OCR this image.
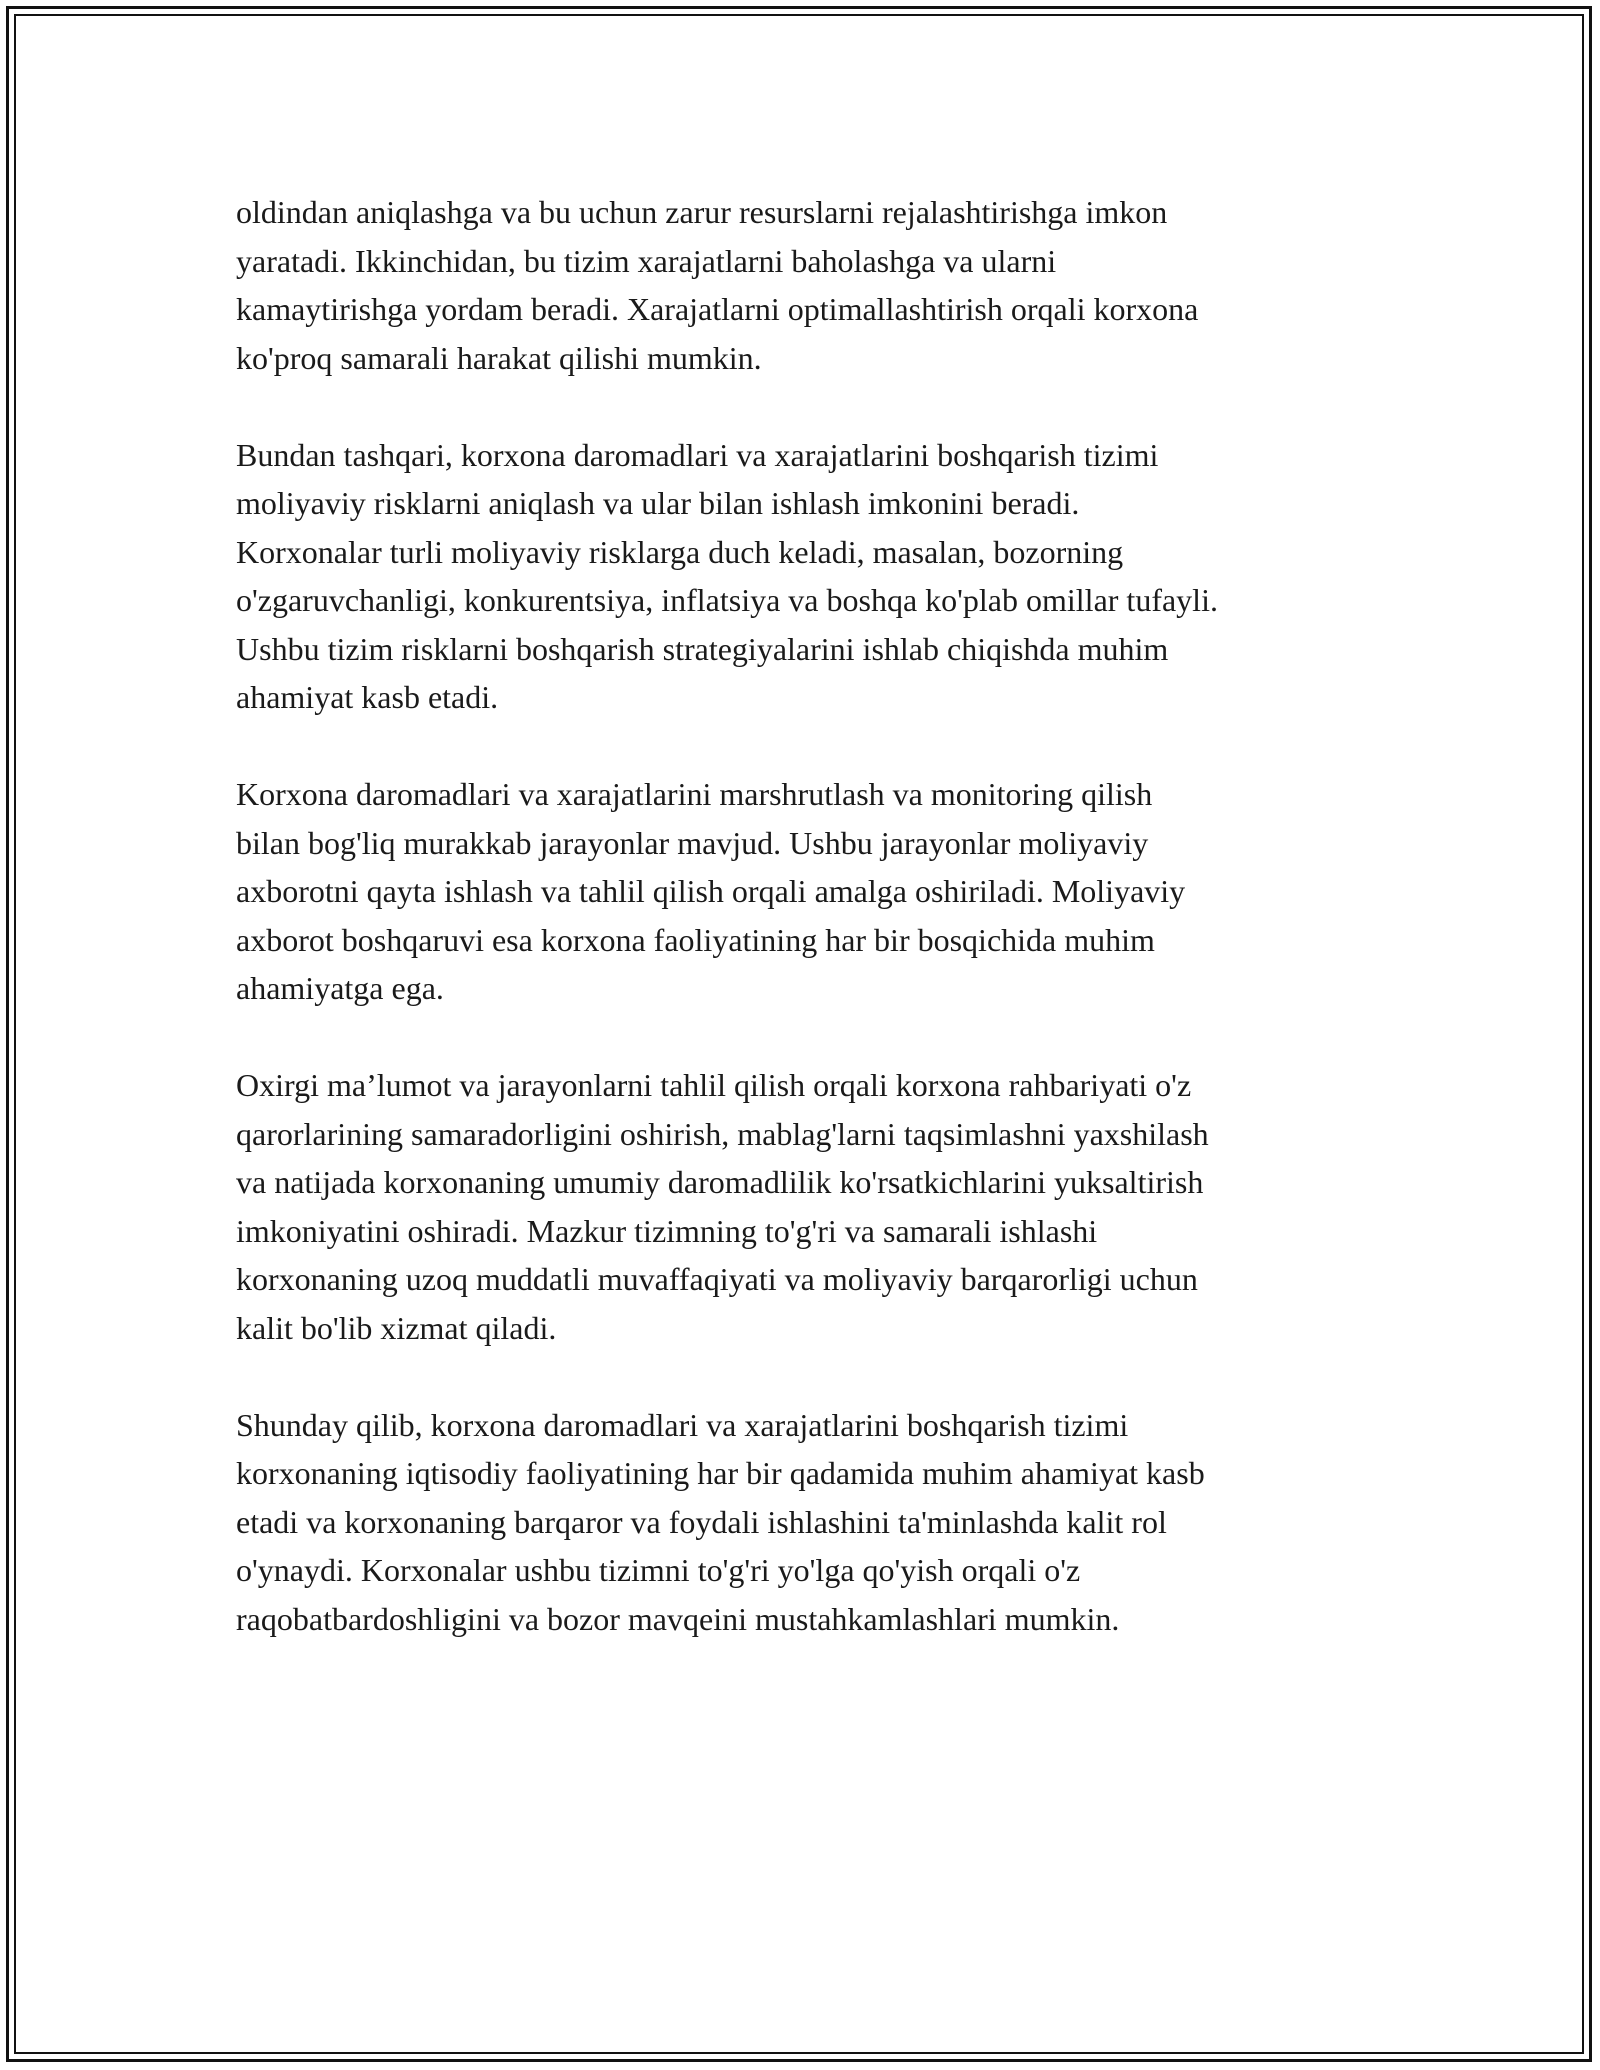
oldindan aniqlashga va bu uchun zarur resurslarni rejalashtirishga imkon
yaratadi. Ikkinchidan, bu tizim xarajatlarni baholashga va ularni
kamaytirishga yordam beradi. Xarajatlarni optimallashtirish orqali korxona
ko'proq samarali harakat qilishi mumkin.

Bundan tashqari, korxona daromadlari va xarajatlarini boshqarish tizimi
moliyaviy risklarni aniqlash va ular bilan ishlash imkonini beradi.
Korxonalar turli moliyaviy risklarga duch keladi, masalan, bozorning
o'zgaruvchanligi, konkurentsiya, inflatsiya va boshqa ko'plab omillar tufayli.
Ushbu tizim risklarni boshqarish strategiyalarini ishlab chiqishda muhim
ahamiyat kasb etadi.

Korxona daromadlari va xarajatlarini marshrutlash va monitoring qilish
bilan bog'liq murakkab jarayonlar mavjud. Ushbu jarayonlar moliyaviy
axborotni qayta ishlash va tahlil qilish orqali amalga oshiriladi. Moliyaviy
axborot boshqaruvi esa korxona faoliyatining har bir bosqichida muhim
ahamiyatga ega.

Oxirgi ma’lumot va jarayonlarni tahlil qilish orqali korxona rahbariyati o'z
qarorlarining samaradorligini oshirish, mablag'larni taqsimlashni yaxshilash
va natijada korxonaning umumiy daromadlilik ko'rsatkichlarini yuksaltirish
imkoniyatini oshiradi. Mazkur tizimning to'g'ri va samarali ishlashi
korxonaning uzoq muddatli muvaffaqiyati va moliyaviy barqarorligi uchun
kalit bo'lib xizmat qiladi.

Shunday qilib, korxona daromadlari va xarajatlarini boshqarish tizimi
korxonaning iqtisodiy faoliyatining har bir qadamida muhim ahamiyat kasb
etadi va korxonaning barqaror va foydali ishlashini ta'minlashda kalit rol
o'ynaydi. Korxonalar ushbu tizimni to'g'ri yo'lga qo'yish orqali o'z
raqobatbardoshligini va bozor mavqeini mustahkamlashlari mumkin.
